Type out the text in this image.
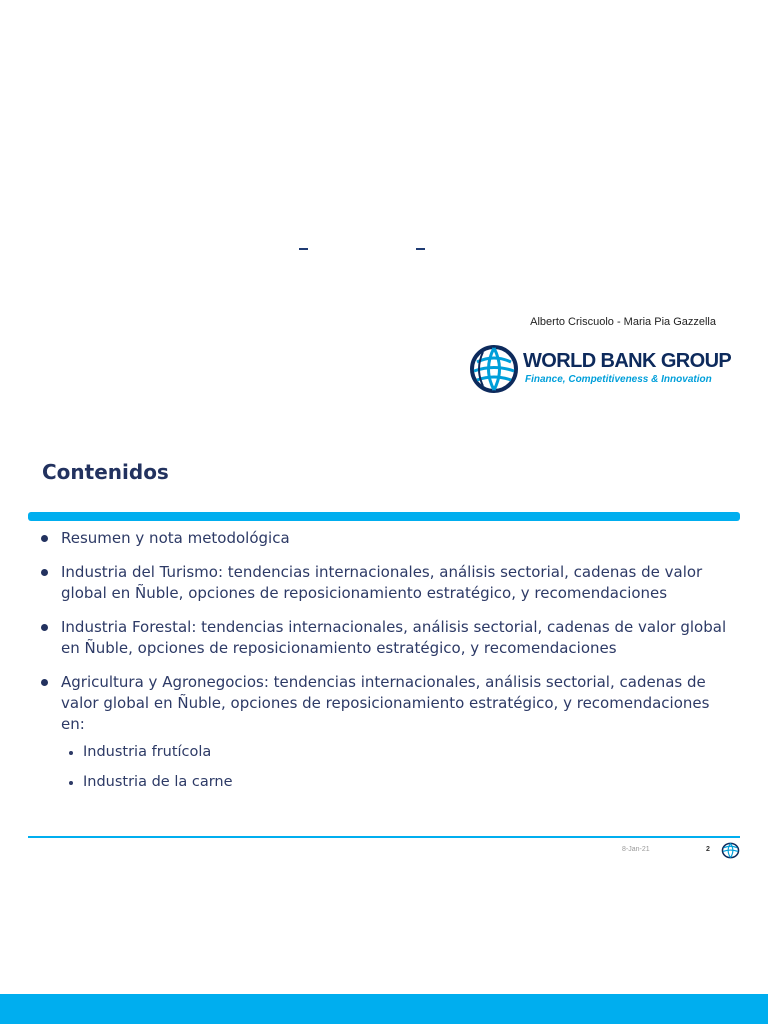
Alberto Criscuolo - Maria Pia Gazzella

WORLD BANK GROUP

Finance, Competitiveness & Innovation

Contenidos
Resumen y nota metodológica
Industria del Turismo: tendencias internacionales, análisis sectorial, cadenas de valor global en Ñuble, opciones de reposicionamiento estratégico, y recomendaciones
Industria Forestal: tendencias internacionales, análisis sectorial, cadenas de valor global en Ñuble, opciones de reposicionamiento estratégico, y recomendaciones
Agricultura y Agronegocios: tendencias internacionales, análisis sectorial, cadenas de valor global en Ñuble, opciones de reposicionamiento estratégico, y recomendaciones en:
Industria frutícola
Industria de la carne

8-Jan-21	2
